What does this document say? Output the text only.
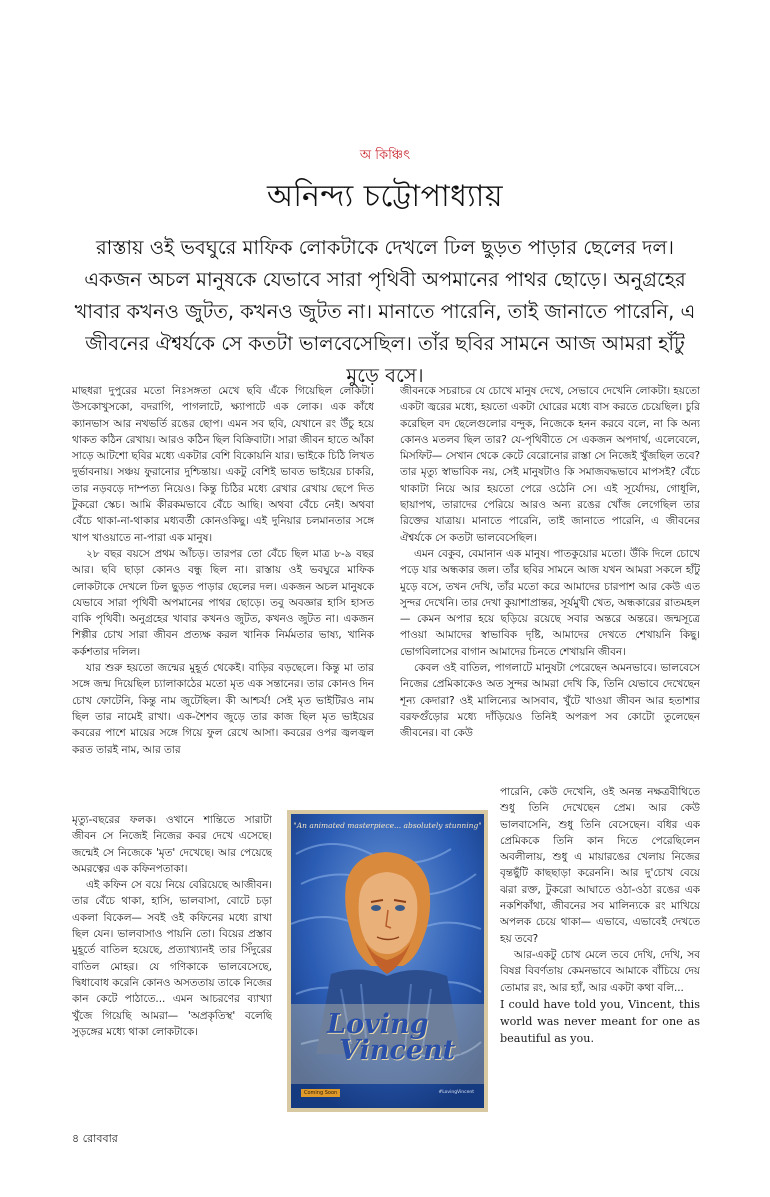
অ কিঞ্চিৎ
অনিন্দ্য চট্টোপাধ্যায়
রাস্তায় ওই ভবঘুরে মাফিক লোকটাকে দেখলে ঢিল ছুড়ত পাড়ার ছেলের দল। একজন অচল মানুষকে যেভাবে সারা পৃথিবী অপমানের পাথর ছোড়ে। অনুগ্রহের খাবার কখনও জুটত, কখনও জুটত না। মানাতে পারেনি, তাই জানাতে পারেনি, এ জীবনের ঐশ্বর্যকে সে কতটা ভালবেসেছিল। তাঁর ছবির সামনে আজ আমরা হাঁটু মুড়ে বসে।

মাছধরা দুপুরের মতো নিঃসঙ্গতা মেখে ছবি এঁকে গিয়েছিল লোকটা। উসকোখুসকো, বদরাগি, পাগলাটে, ক্ষ্যাপাটে এক লোক। এক কাঁধে ক্যানভাস আর নখভর্তি রঙের ছোপ। এমন সব ছবি, যেখানে রং উঁচু হয়ে থাকত কঠিন রেখায়। আরও কঠিন ছিল বিক্রিবাটা। সারা জীবন হাতে আঁকা সাড়ে আটশো ছবির মধ্যে একটার বেশি বিকোয়নি যার। ভাইকে চিঠি লিখত দুর্ভাবনায়। সঞ্চয় ফুরানোর দুশ্চিন্তায়। একটু বেশিই ভাবত ভাইয়ের চাকরি, তার নড়বড়ে দাম্পত্য নিয়েও। কিন্তু চিঠির মধ্যে রেখার রেখায় ছেপে দিত টুকরো স্কেচ। আমি কীরকমভাবে বেঁচে আছি। অথবা বেঁচে নেই। অথবা বেঁচে থাকা-না-থাকার মধ্যবর্তী কোনওকিছু। এই দুনিয়ার চলমানতার সঙ্গে খাপ খাওয়াতে না-পারা এক মানুষ।

২৮ বছর বয়সে প্রথম আঁচড়। তারপর তো বেঁচে ছিল মাত্র ৮-৯ বছর আর। ছবি ছাড়া কোনও বন্ধু ছিল না। রাস্তায় ওই ভবঘুরে মাফিক লোকটাকে দেখলে ঢিল ছুড়ত পাড়ার ছেলের দল। একজন অচল মানুষকে যেভাবে সারা পৃথিবী অপমানের পাথর ছোড়ে। তবু অবজ্ঞার হাসি হাসত বাকি পৃথিবী। অনুগ্রহের খাবার কখনও জুটত, কখনও জুটত না। একজন শিল্পীর চোখ সারা জীবন প্রত্যক্ষ করল খানিক নির্মমতার ভাষ্য, খানিক কর্কশতার দলিল।

যার শুরু হয়তো জন্মের মুহূর্ত থেকেই। বাড়ির বড়ছেলে। কিন্তু মা তার সঙ্গে জন্ম দিয়েছিল চ্যালাকাঠের মতো মৃত এক সন্তানের। তার কোনও দিন চোখ ফোটেনি, কিন্তু নাম জুটেছিল। কী আশ্চর্য! সেই মৃত ভাইটিরও নাম ছিল তার নামেই রাখা। এক-শৈশব জুড়ে তার কাজ ছিল মৃত ভাইয়ের কবরের পাশে মায়ের সঙ্গে গিয়ে ফুল রেখে আসা। কবরের ওপর জ্বলজ্বল করত তারই নাম, আর তার

মৃত্যু-বছরের ফলক। ওখানে শান্তিতে সারাটা জীবন সে নিজেই নিজের কবর দেখে এসেছে। জন্মেই সে নিজেকে 'মৃত' দেখেছে। আর পেয়েছে অমরত্বের এক কফিনপতাকা।

এই কফিন সে বয়ে নিয়ে বেরিয়েছে আজীবন। তার বেঁচে থাকা, হাসি, ভালবাসা, বোটে চড়া একলা বিকেল— সবই ওই কফিনের মধ্যে রাখা ছিল যেন। ভালবাসাও পায়নি তো। বিয়ের প্রস্তাব মুহূর্তে বাতিল হয়েছে, প্রত্যাখ্যানই তার সিঁদুরের বাতিল মোহর। যে গণিকাকে ভালবেসেছে, দ্বিধাবোধ করেনি কোনও অসততায় তাকে নিজের কান কেটে পাঠাতে... এমন আচরণের ব্যাখ্যা খুঁজে গিয়েছি আমরা— 'অপ্রকৃতিস্থ' বলেছি সুড়ঙ্গের মধ্যে থাকা লোকটাকে।

"An animated masterpiece... absolutely stunning"
Loving
Vincent
Coming Soon	#LovingVincent

জীবনকে সচরাচর যে চোখে মানুষ দেখে, সেভাবে দেখেনি লোকটা। হয়তো একটা জ্বরের মধ্যে, হয়তো একটা ঘোরের মধ্যে বাস করতে চেয়েছিল। চুরি করেছিল বদ ছেলেগুলোর বন্দুক, নিজেকে হনন করবে বলে, না কি অন্য কোনও মতলব ছিল তার? যে-পৃথিবীতে সে একজন অপদার্থ, এলেবেলে, মিসফিট— সেখান থেকে কেটে বেরোনোর রাস্তা সে নিজেই খুঁজছিল তবে? তার মৃত্যু স্বাভাবিক নয়, সেই মানুষটাও কি সমাজবদ্ধভাবে মাপসই? বেঁচে থাকাটা নিয়ে আর হয়তো পেরে ওঠেনি সে। এই সূর্যোদয়, গোধূলি, ছায়াপথ, তারাদের পেরিয়ে আরও অন্য রঙের খোঁজ লেগেছিল তার রিক্তের যাত্রায়। মানাতে পারেনি, তাই জানাতে পারেনি, এ জীবনের ঐশ্বর্যকে সে কতটা ভালবেসেছিল।

এমন বেকুব, বেমানান এক মানুষ। পাতকুয়োর মতো। উঁকি দিলে চোখে পড়ে যার অন্ধকার জল। তাঁর ছবির সামনে আজ যখন আমরা সকলে হাঁটু মুড়ে বসে, তখন দেখি, তাঁর মতো করে আমাদের চারপাশ আর কেউ এত সুন্দর দেখেনি। তার দেখা কুয়াশাপ্রান্তর, সূর্যমুখী খেত, অন্ধকারের রাতমহল— কেমন অপার হয়ে ছড়িয়ে রয়েছে সবার অন্তরে অন্তরে। জন্মসূত্রে পাওয়া আমাদের স্বাভাবিক দৃষ্টি, আমাদের দেখতে শেখায়নি কিছু। ভোগবিলাসের বাগান আমাদের চিনতে শেখায়নি জীবন।

কেবল ওই বাতিল, পাগলাটে মানুষটা পেরেছেন অমনভাবে। ভালবেসে নিজের প্রেমিকাকেও অত সুন্দর আমরা দেখি কি, তিনি যেভাবে দেখেছেন শূন্য কেদারা? ওই মালিন্যের আসবাব, খুঁটে খাওয়া জীবন আর হতাশার বরফগুঁড়োর মধ্যে দাঁড়িয়েও তিনিই অপরূপ সব কোটো তুলেছেন জীবনের। বা কেউ

পারেনি, কেউ দেখেনি, ওই অনন্ত নক্ষত্রবীথিতে শুধু তিনি দেখেছেন প্রেম। আর কেউ ভালবাসেনি, শুধু তিনি বেসেছেন। বধির এক প্রেমিককে তিনি কান দিতে পেরেছিলেন অবলীলায়, শুধু এ মায়ারঙের খেলায় নিজের বৃন্তছুঁটি কাছছাড়া করেননি। আর দু'চোখ বেয়ে ঝরা রক্ত, টুকরো আঘাতে ওঠা-ওঠা রঙের এক নকশিকাঁথা, জীবনের সব মালিন্যকে রং মাখিয়ে অপলক চেয়ে থাকা— এভাবে, এভাবেই দেখতে হয় তবে?

আর-একটু চোখ মেলে তবে দেখি, দেখি, সব বিষণ্ণ বিবর্ণতায় কেমনভাবে আমাকে বাঁচিয়ে দেয় তোমার রং, আর হ্যাঁ, আর একটা কথা বলি...

I could have told you, Vincent, this world was never meant for one as beautiful as you.
৪ রোববার
